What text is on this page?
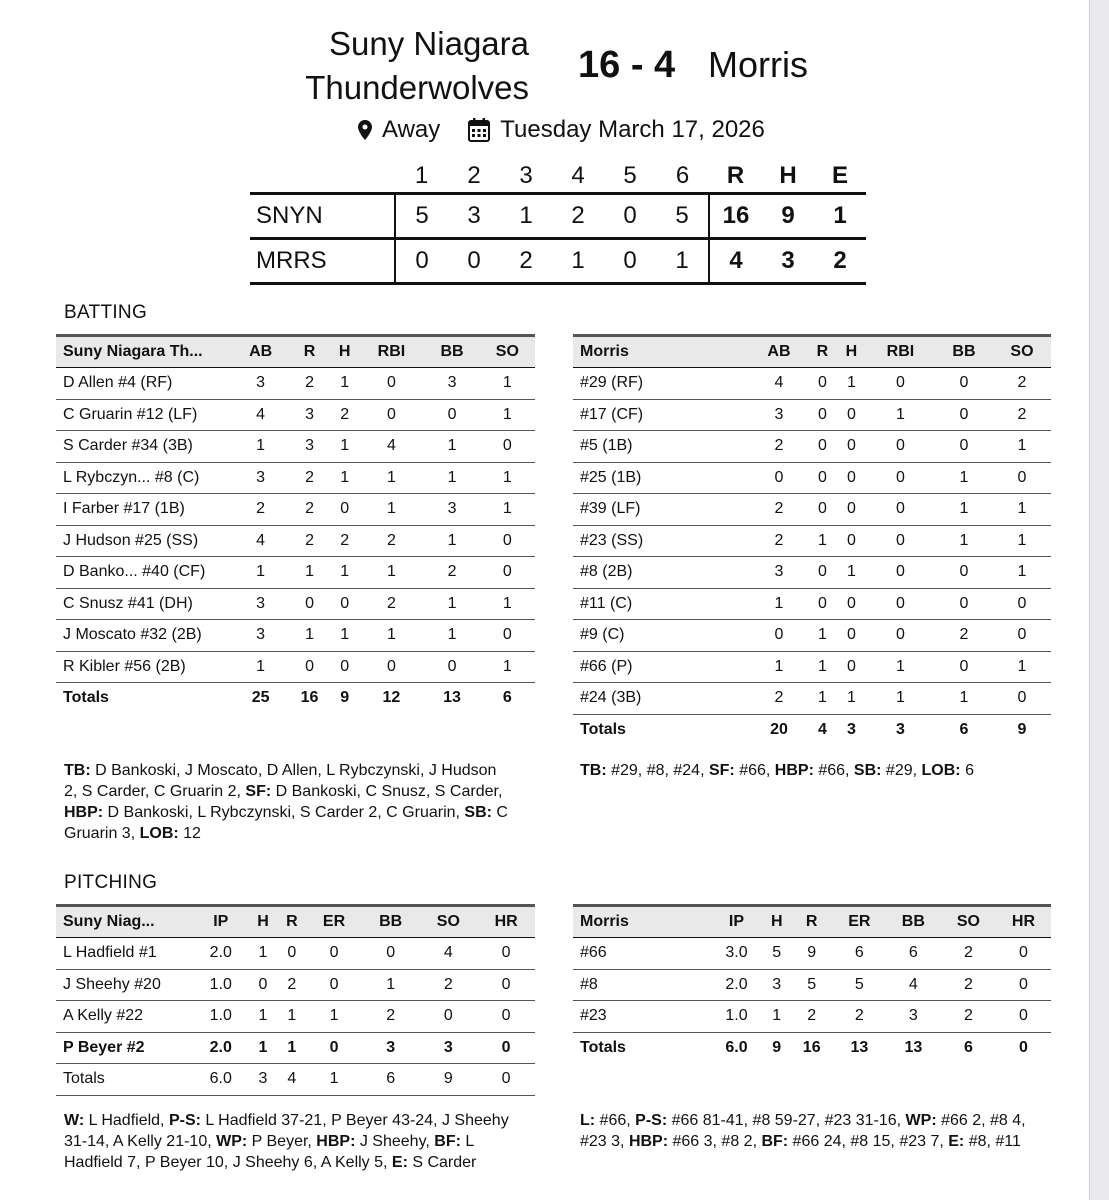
Suny Niagara
Thunderwolves
16 - 4 Morris
Away	Tuesday March 17, 2026
	1	2	3	4	5	6	R	H	E
SNYN	5	3	1	2	0	5	16	9	1
MRRS	0	0	2	1	0	1	4	3	2
BATTING
Suny Niagara Th...	AB	R	H	RBI	BB	SO
D Allen #4 (RF)	3	2	1	0	3	1
C Gruarin #12 (LF)	4	3	2	0	0	1
S Carder #34 (3B)	1	3	1	4	1	0
L Rybczyn... #8 (C)	3	2	1	1	1	1
I Farber #17 (1B)	2	2	0	1	3	1
J Hudson #25 (SS)	4	2	2	2	1	0
D Banko... #40 (CF)	1	1	1	1	2	0
C Snusz #41 (DH)	3	0	0	2	1	1
J Moscato #32 (2B)	3	1	1	1	1	0
R Kibler #56 (2B)	1	0	0	0	0	1
Totals	25	16	9	12	13	6
Morris	AB	R	H	RBI	BB	SO
#29 (RF)	4	0	1	0	0	2
#17 (CF)	3	0	0	1	0	2
#5 (1B)	2	0	0	0	0	1
#25 (1B)	0	0	0	0	1	0
#39 (LF)	2	0	0	0	1	1
#23 (SS)	2	1	0	0	1	1
#8 (2B)	3	0	1	0	0	1
#11 (C)	1	0	0	0	0	0
#9 (C)	0	1	0	0	2	0
#66 (P)	1	1	0	1	0	1
#24 (3B)	2	1	1	1	1	0
Totals	20	4	3	3	6	9
TB: D Bankoski, J Moscato, D Allen, L Rybczynski, J Hudson 2, S Carder, C Gruarin 2, SF: D Bankoski, C Snusz, S Carder, HBP: D Bankoski, L Rybczynski, S Carder 2, C Gruarin, SB: C Gruarin 3, LOB: 12
TB: #29, #8, #24, SF: #66, HBP: #66, SB: #29, LOB: 6
PITCHING
Suny Niag...	IP	H	R	ER	BB	SO	HR
L Hadfield #1	2.0	1	0	0	0	4	0
J Sheehy #20	1.0	0	2	0	1	2	0
A Kelly #22	1.0	1	1	1	2	0	0
P Beyer #2	2.0	1	1	0	3	3	0
Totals	6.0	3	4	1	6	9	0
Morris	IP	H	R	ER	BB	SO	HR
#66	3.0	5	9	6	6	2	0
#8	2.0	3	5	5	4	2	0
#23	1.0	1	2	2	3	2	0
Totals	6.0	9	16	13	13	6	0
W: L Hadfield, P-S: L Hadfield 37-21, P Beyer 43-24, J Sheehy 31-14, A Kelly 21-10, WP: P Beyer, HBP: J Sheehy, BF: L Hadfield 7, P Beyer 10, J Sheehy 6, A Kelly 5, E: S Carder
L: #66, P-S: #66 81-41, #8 59-27, #23 31-16, WP: #66 2, #8 4, #23 3, HBP: #66 3, #8 2, BF: #66 24, #8 15, #23 7, E: #8, #11
